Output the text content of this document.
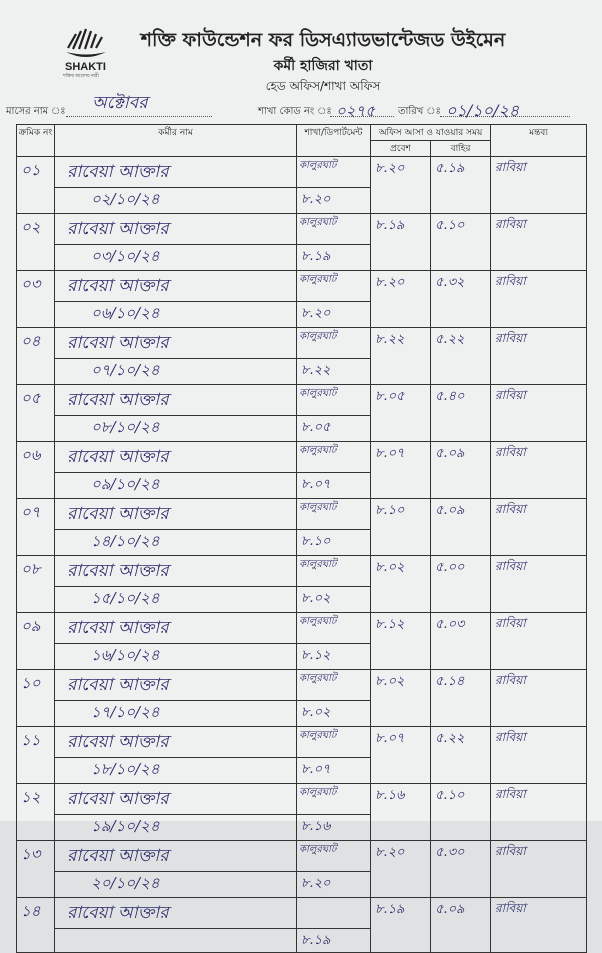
SHAKTI
শক্তির আলোয় নারী
শক্তি ফাউন্ডেশন ফর ডিসএ্যাডভান্টেজড উইমেন
কর্মী হাজিরা খাতা
হেড অফিস/শাখা অফিস
মাসের নাম ঃ অক্টোবর	শাখা কোড নং ঃ ০২৭৫ তারিখ ঃ ০১/১০/২৪
ক্রমিক নং	কর্মীর নাম	শাখা/ডিপার্টমেন্ট	অফিস আসা ও যাওয়ার সময়		মন্তব্য
			প্রবেশ	বাহির	

০১	রাবেয়া আক্তার	কালুরঘাট	৮.২০	৫.১৯	রাবিয়া

	০২/১০/২৪	৮.২০			

০২	রাবেয়া আক্তার	কালুরঘাট	৮.১৯	৫.১০	রাবিয়া

	০৩/১০/২৪	৮.১৯			

০৩	রাবেয়া আক্তার	কালুরঘাট	৮.২০	৫.৩২	রাবিয়া

	০৬/১০/২৪	৮.২০			

০৪	রাবেয়া আক্তার	কালুরঘাট	৮.২২	৫.২২	রাবিয়া

	০৭/১০/২৪	৮.২২			

০৫	রাবেয়া আক্তার	কালুরঘাট	৮.০৫	৫.৪০	রাবিয়া

	০৮/১০/২৪	৮.০৫			

০৬	রাবেয়া আক্তার	কালুরঘাট	৮.০৭	৫.০৯	রাবিয়া

	০৯/১০/২৪	৮.০৭			

০৭	রাবেয়া আক্তার	কালুরঘাট	৮.১০	৫.০৯	রাবিয়া

	১৪/১০/২৪	৮.১০			

০৮	রাবেয়া আক্তার	কালুরঘাট	৮.০২	৫.০০	রাবিয়া

	১৫/১০/২৪	৮.০২			

০৯	রাবেয়া আক্তার	কালুরঘাট	৮.১২	৫.০৩	রাবিয়া

	১৬/১০/২৪	৮.১২			

১০	রাবেয়া আক্তার	কালুরঘাট	৮.০২	৫.১৪	রাবিয়া

	১৭/১০/২৪	৮.০২			

১১	রাবেয়া আক্তার	কালুরঘাট	৮.০৭	৫.২২	রাবিয়া

	১৮/১০/২৪	৮.০৭			

১২	রাবেয়া আক্তার	কালুরঘাট	৮.১৬	৫.১০	রাবিয়া

	১৯/১০/২৪	৮.১৬			

১৩	রাবেয়া আক্তার	কালুরঘাট	৮.২০	৫.৩০	রাবিয়া

	২০/১০/২৪	৮.২০			

১৪	রাবেয়া আক্তার		৮.১৯	৫.০৯	রাবিয়া

		৮.১৯			
